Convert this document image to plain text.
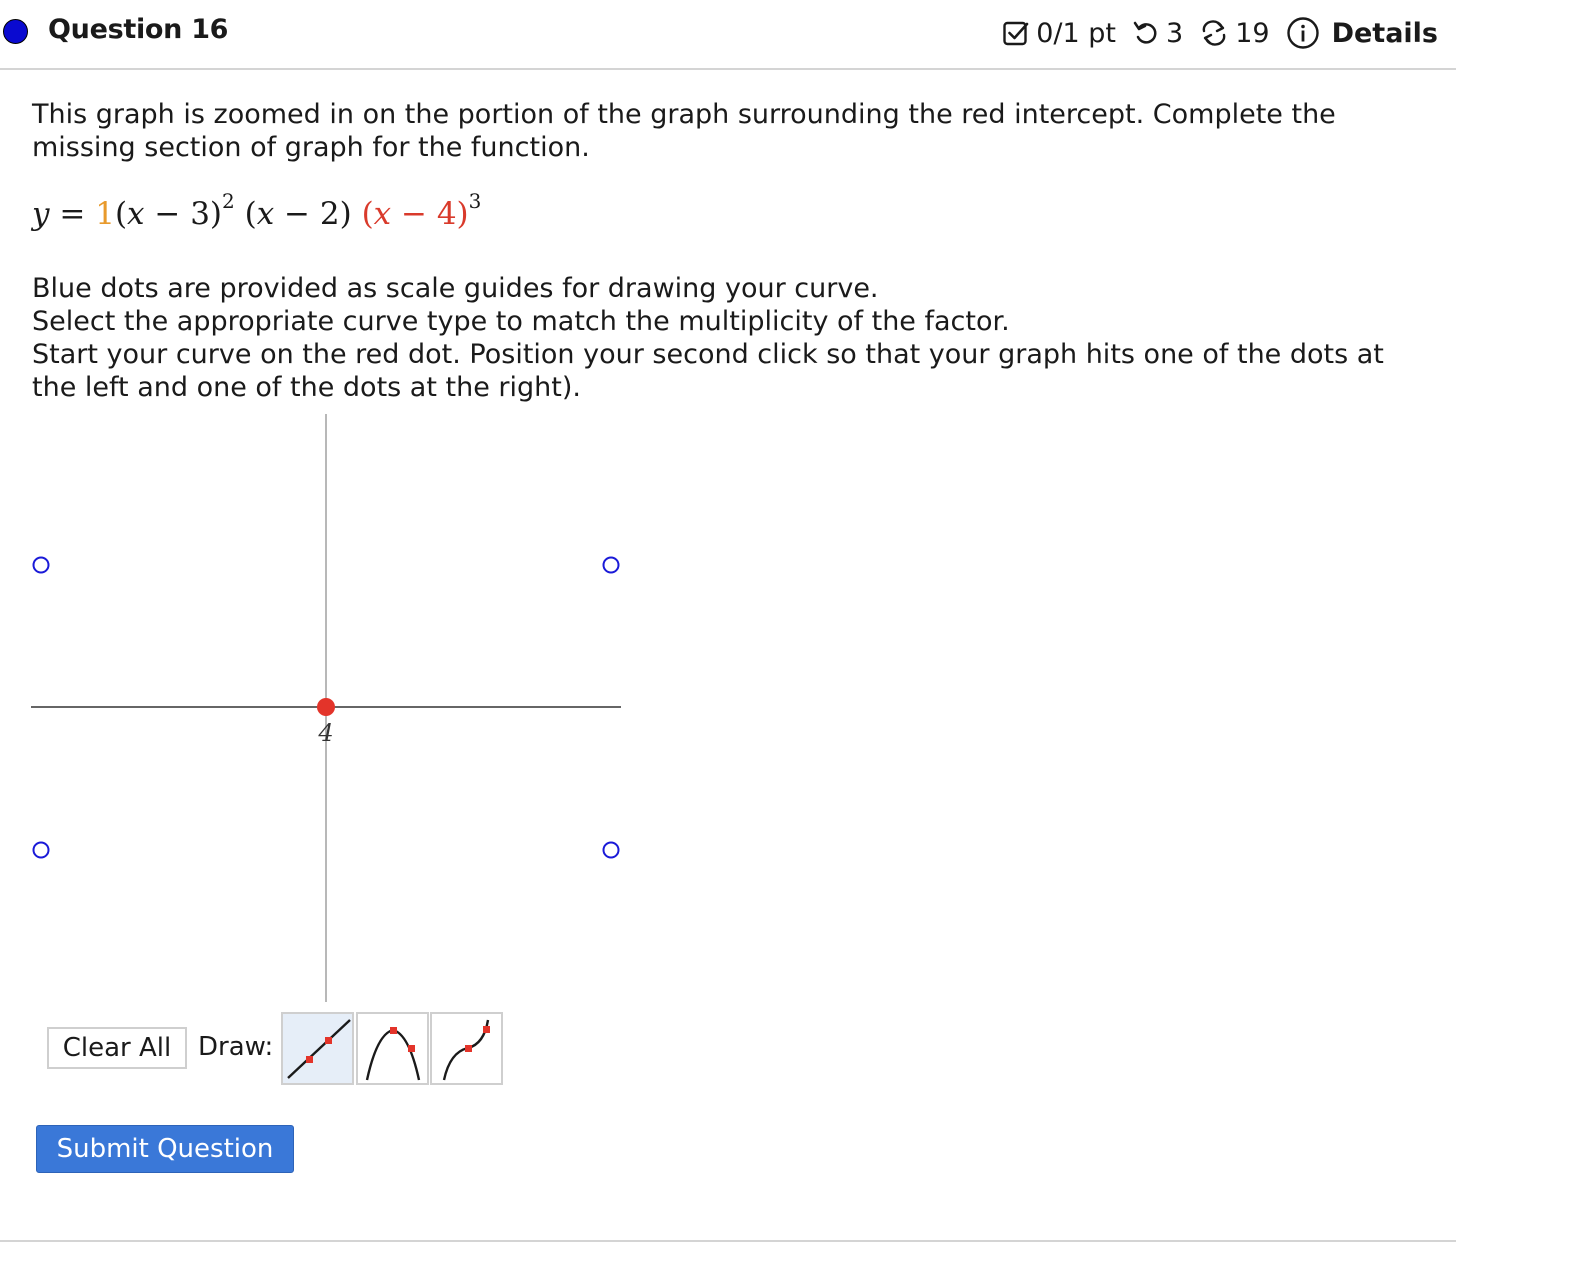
Question 16	0/1 pt 3 19 Details
This graph is zoomed in on the portion of the graph surrounding the red intercept. Complete the missing section of graph for the function.
$y = 1(x - 3)^2$ (x − 2) $(x - 4)^3$
Blue dots are provided as scale guides for drawing your curve.
Select the appropriate curve type to match the multiplicity of the factor.
Start your curve on the red dot. Position your second click so that your graph hits one of the dots at the left and one of the dots at the right).
4
Clear All	Draw:
Submit Question
